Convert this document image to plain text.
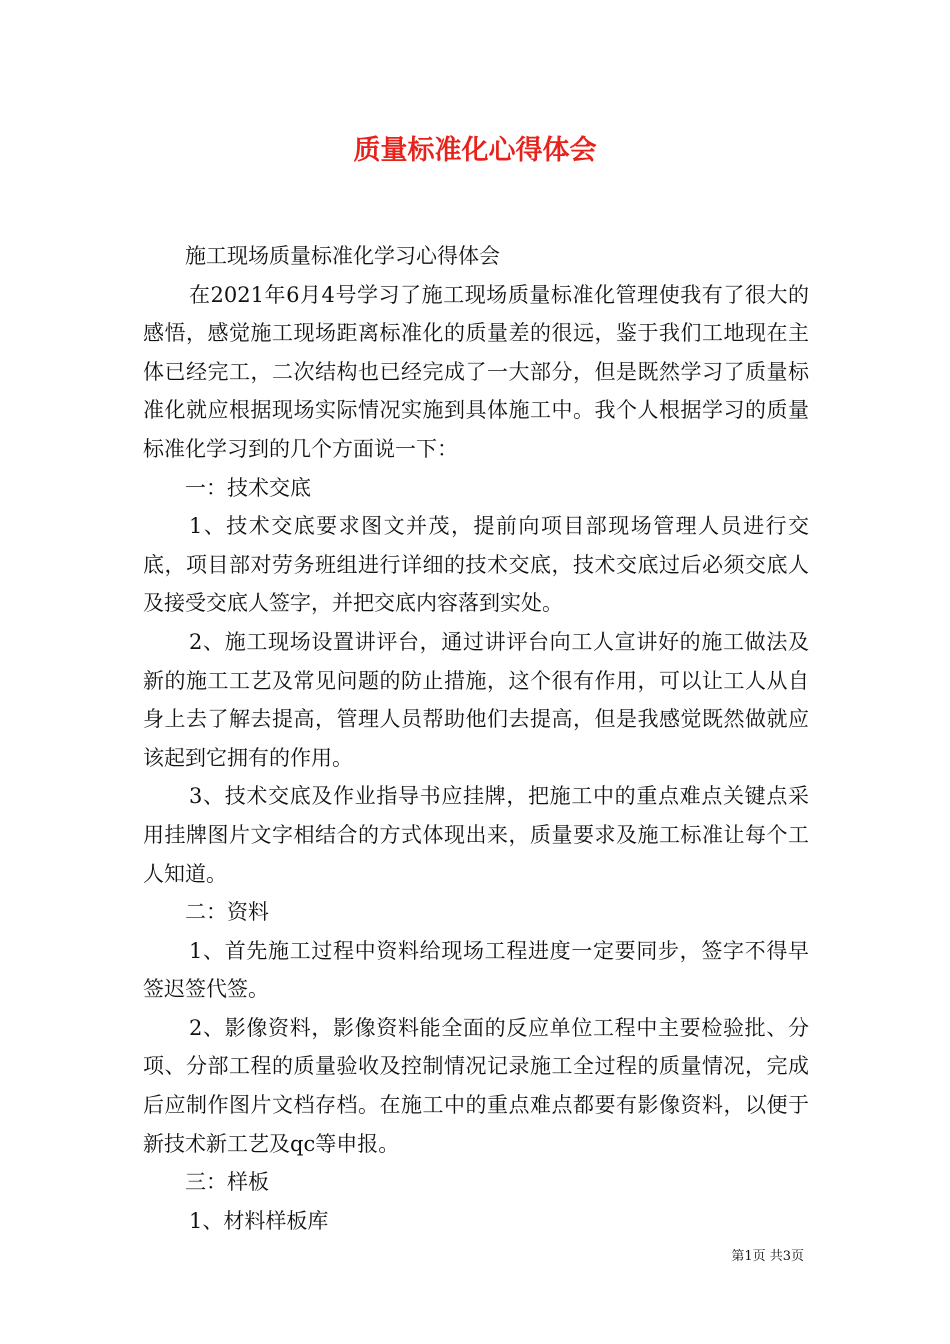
质量标准化心得体会

施工现场质量标准化学习心得体会

在2021年6月4号学习了施工现场质量标准化管理使我有了很大的感悟，感觉施工现场距离标准化的质量差的很远，鉴于我们工地现在主体已经完工，二次结构也已经完成了一大部分，但是既然学习了质量标准化就应根据现场实际情况实施到具体施工中。我个人根据学习的质量标准化学习到的几个方面说一下：

一：技术交底

1、技术交底要求图文并茂，提前向项目部现场管理人员进行交底，项目部对劳务班组进行详细的技术交底，技术交底过后必须交底人及接受交底人签字，并把交底内容落到实处。

2、施工现场设置讲评台，通过讲评台向工人宣讲好的施工做法及新的施工工艺及常见问题的防止措施，这个很有作用，可以让工人从自身上去了解去提高，管理人员帮助他们去提高，但是我感觉既然做就应该起到它拥有的作用。

3、技术交底及作业指导书应挂牌，把施工中的重点难点关键点采用挂牌图片文字相结合的方式体现出来，质量要求及施工标准让每个工人知道。

二：资料

1、首先施工过程中资料给现场工程进度一定要同步，签字不得早签迟签代签。

2、影像资料，影像资料能全面的反应单位工程中主要检验批、分项、分部工程的质量验收及控制情况记录施工全过程的质量情况，完成后应制作图片文档存档。在施工中的重点难点都要有影像资料，以便于新技术新工艺及qc等申报。

三：样板

1、材料样板库

第1页 共3页
